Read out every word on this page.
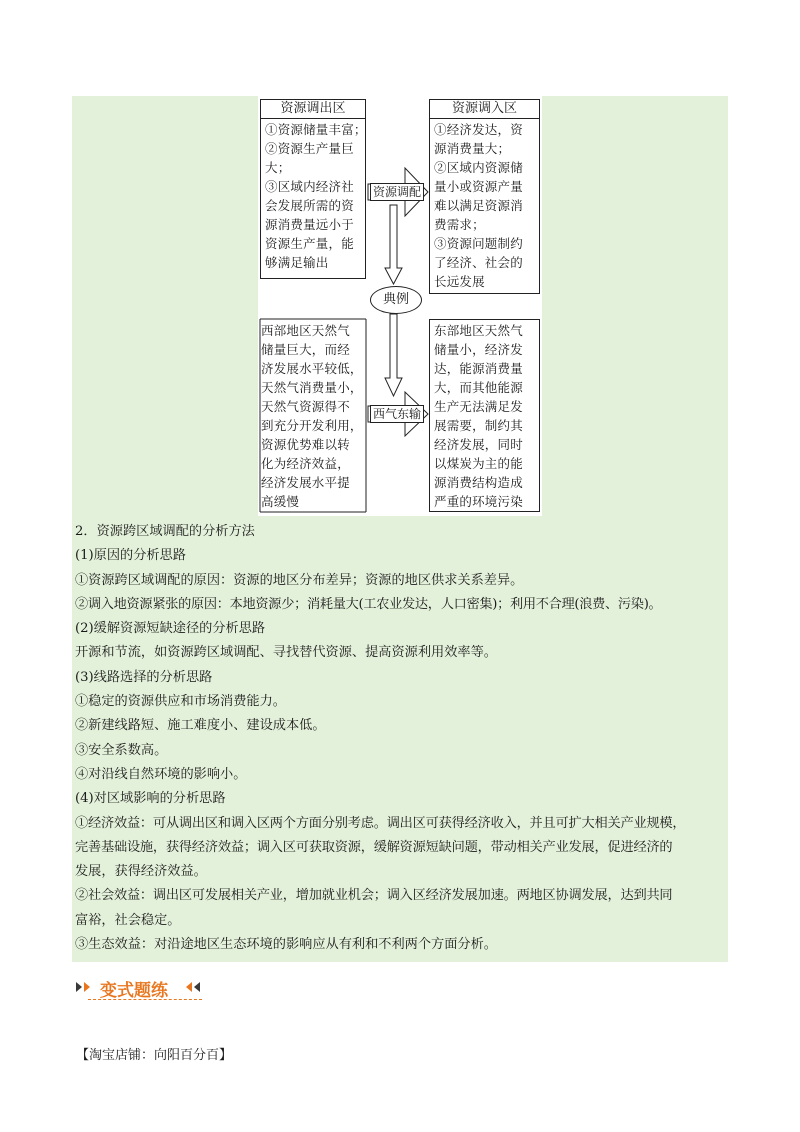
资源调出区
①资源储量丰富；
②资源生产量巨
大；
③区域内经济社
会发展所需的资
源消费量远小于
资源生产量，能
够满足输出
资源调入区
①经济发达，资
源消费量大；
②区域内资源储
量小或资源产量
难以满足资源消
费需求；
③资源问题制约
了经济、社会的
长远发展
西部地区天然气
储量巨大，而经
济发展水平较低，
天然气消费量小，
天然气资源得不
到充分开发利用，
资源优势难以转
化为经济效益，
经济发展水平提
高缓慢
东部地区天然气
储量小，经济发
达，能源消费量
大，而其他能源
生产无法满足发
展需要，制约其
经济发展，同时
以煤炭为主的能
源消费结构造成
严重的环境污染
资源调配
典例
西气东输

2．资源跨区域调配的分析方法

(1)原因的分析思路

①资源跨区域调配的原因：资源的地区分布差异；资源的地区供求关系差异。

②调入地资源紧张的原因：本地资源少；消耗量大(工农业发达，人口密集)；利用不合理(浪费、污染)。

(2)缓解资源短缺途径的分析思路

开源和节流，如资源跨区域调配、寻找替代资源、提高资源利用效率等。

(3)线路选择的分析思路

①稳定的资源供应和市场消费能力。

②新建线路短、施工难度小、建设成本低。

③安全系数高。

④对沿线自然环境的影响小。

(4)对区域影响的分析思路

①经济效益：可从调出区和调入区两个方面分别考虑。调出区可获得经济收入，并且可扩大相关产业规模，

完善基础设施，获得经济效益；调入区可获取资源，缓解资源短缺问题，带动相关产业发展，促进经济的

发展，获得经济效益。

②社会效益：调出区可发展相关产业，增加就业机会；调入区经济发展加速。两地区协调发展，达到共同

富裕，社会稳定。

③生态效益：对沿途地区生态环境的影响应从有利和不利两个方面分析。

变式题练
【淘宝店铺：向阳百分百】
